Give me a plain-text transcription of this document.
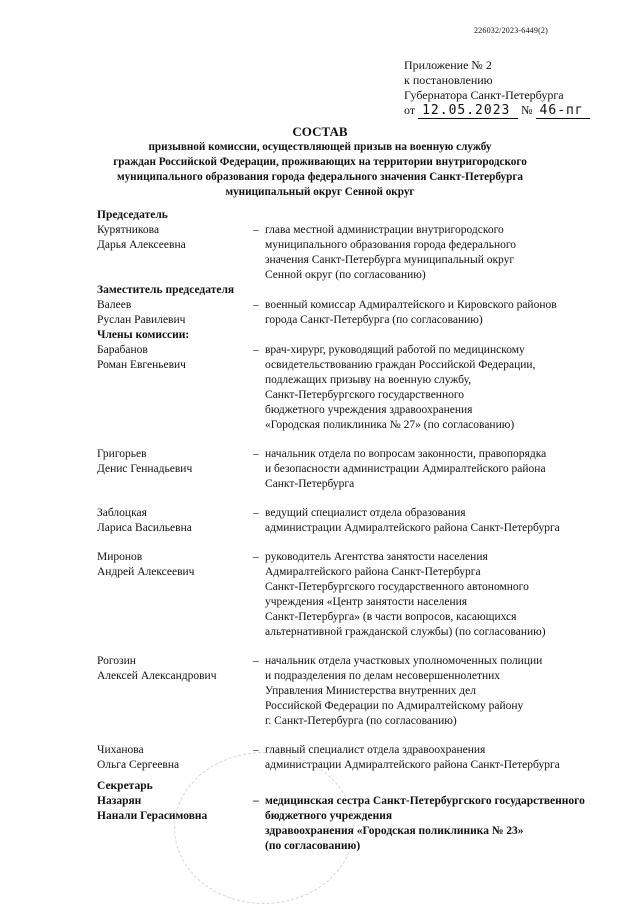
226032/2023-6449(2)
Приложение № 2
к постановлению
Губернатора Санкт-Петербурга
от 12.05.2023 № 46-пг
СОСТАВ
призывной комиссии, осуществляющей призыв на военную службу
граждан Российской Федерации, проживающих на территории внутригородского
муниципального образования города федерального значения Санкт-Петербурга
муниципальный округ Сенной округ
Председатель
Курятникова
Дарья Алексеевна
– глава местной администрации внутригородского
муниципального образования города федерального
значения Санкт-Петербурга муниципальный округ
Сенной округ (по согласованию)
Заместитель председателя
Валеев
Руслан Равилевич
– военный комиссар Адмиралтейского и Кировского районов
города Санкт-Петербурга (по согласованию)
Члены комиссии:
Барабанов
Роман Евгеньевич
– врач-хирург, руководящий работой по медицинскому
освидетельствованию граждан Российской Федерации,
подлежащих призыву на военную службу,
Санкт-Петербургского государственного
бюджетного учреждения здравоохранения
«Городская поликлиника № 27» (по согласованию)
Григорьев
Денис Геннадьевич
– начальник отдела по вопросам законности, правопорядка
и безопасности администрации Адмиралтейского района
Санкт-Петербурга
Заблоцкая
Лариса Васильевна
– ведущий специалист отдела образования
администрации Адмиралтейского района Санкт-Петербурга
Миронов
Андрей Алексеевич
– руководитель Агентства занятости населения
Адмиралтейского района Санкт-Петербурга
Санкт-Петербургского государственного автономного
учреждения «Центр занятости населения
Санкт-Петербурга» (в части вопросов, касающихся
альтернативной гражданской службы) (по согласованию)
Рогозин
Алексей Александрович
– начальник отдела участковых уполномоченных полиции
и подразделения по делам несовершеннолетних
Управления Министерства внутренних дел
Российской Федерации по Адмиралтейскому району
г. Санкт-Петербурга (по согласованию)
Чиханова
Ольга Сергеевна
– главный специалист отдела здравоохранения
администрации Адмиралтейского района Санкт-Петербурга
Секретарь
Назарян
Нанали Герасимовна
– медицинская сестра Санкт-Петербургского государственного
бюджетного учреждения
здравоохранения «Городская поликлиника № 23»
(по согласованию)
